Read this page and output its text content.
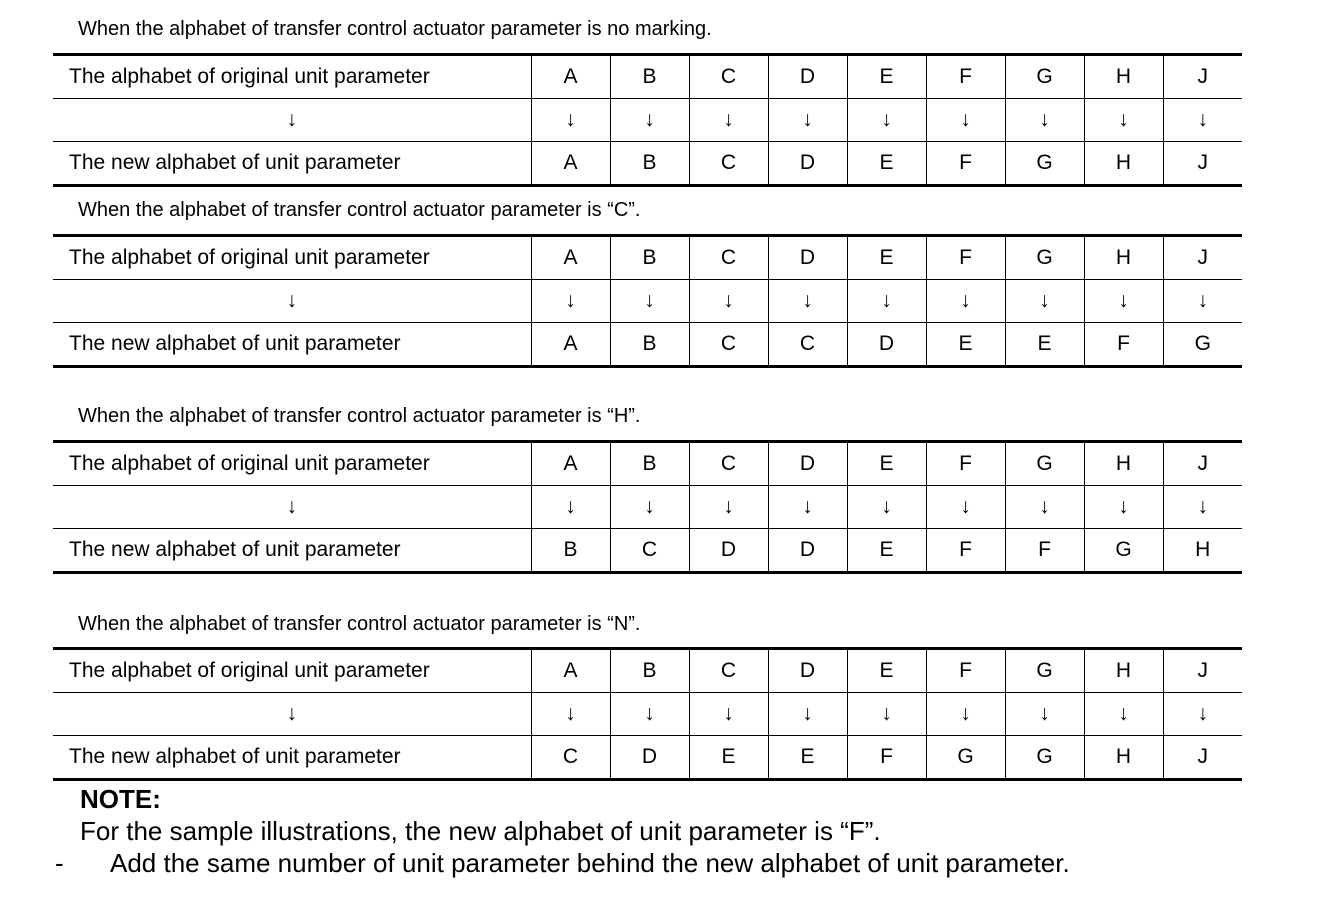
When the alphabet of transfer control actuator parameter is no marking.
The alphabet of original unit parameter	A	B	C	D	E	F	G	H	J
↓	↓	↓	↓	↓	↓	↓	↓	↓	↓
The new alphabet of unit parameter	A	B	C	D	E	F	G	H	J
When the alphabet of transfer control actuator parameter is “C”.
The alphabet of original unit parameter	A	B	C	D	E	F	G	H	J
↓	↓	↓	↓	↓	↓	↓	↓	↓	↓
The new alphabet of unit parameter	A	B	C	C	D	E	E	F	G
When the alphabet of transfer control actuator parameter is “H”.
The alphabet of original unit parameter	A	B	C	D	E	F	G	H	J
↓	↓	↓	↓	↓	↓	↓	↓	↓	↓
The new alphabet of unit parameter	B	C	D	D	E	F	F	G	H
When the alphabet of transfer control actuator parameter is “N”.
The alphabet of original unit parameter	A	B	C	D	E	F	G	H	J
↓	↓	↓	↓	↓	↓	↓	↓	↓	↓
The new alphabet of unit parameter	C	D	E	E	F	G	G	H	J
NOTE:
For the sample illustrations, the new alphabet of unit parameter is “F”.
- Add the same number of unit parameter behind the new alphabet of unit parameter.
